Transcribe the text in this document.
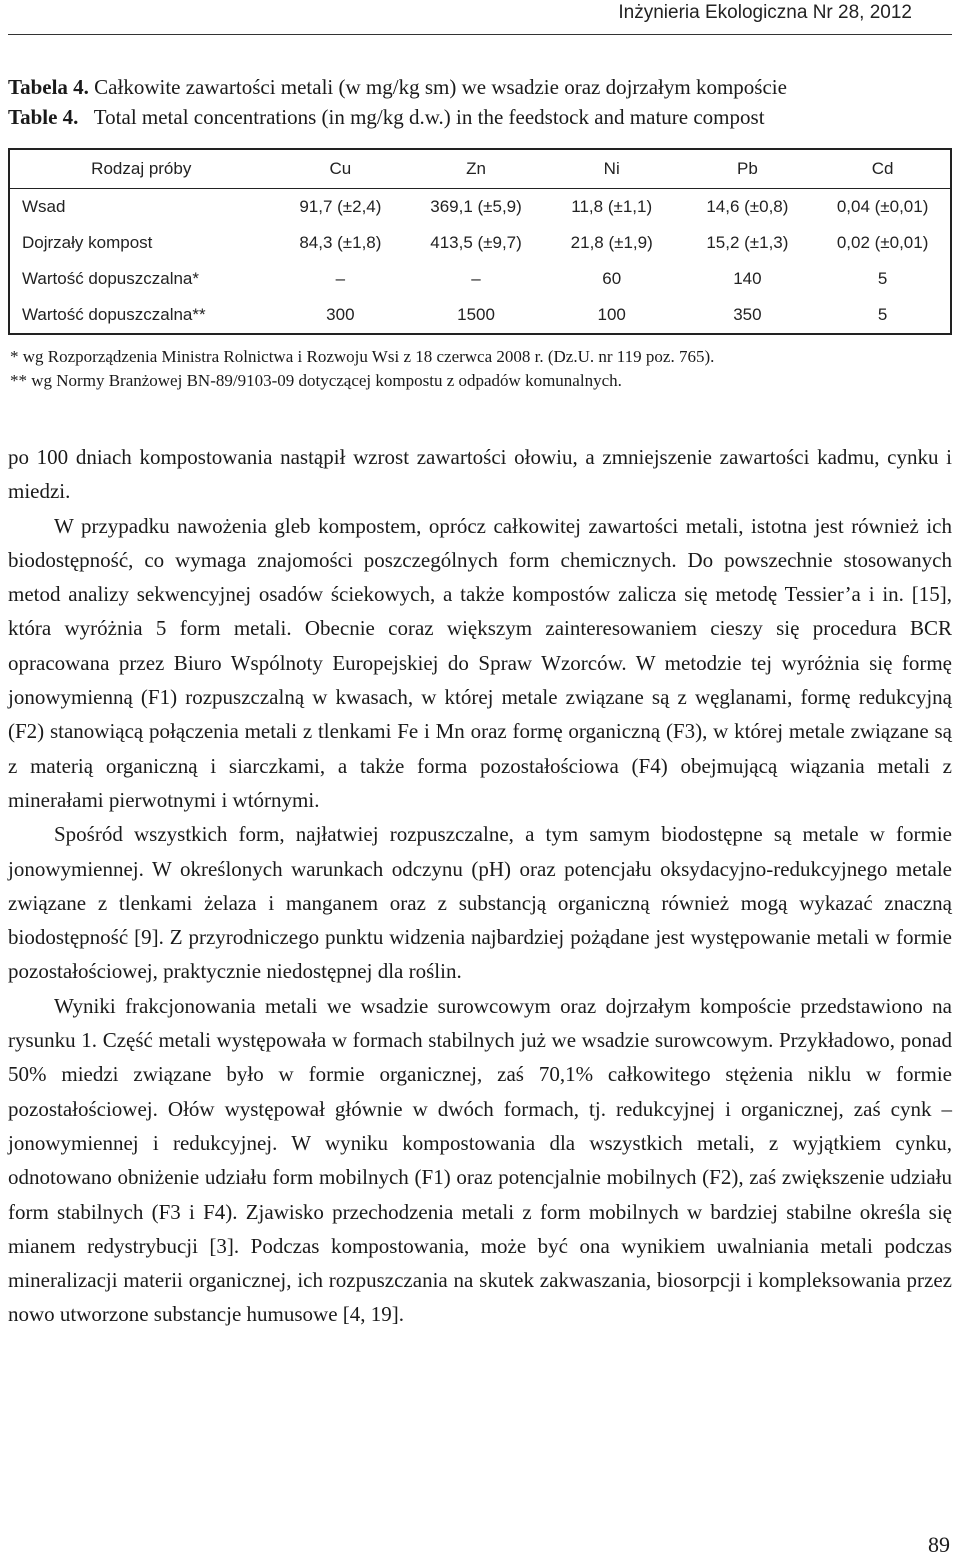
Inżynieria Ekologiczna Nr 28, 2012
Tabela 4. Całkowite zawartości metali (w mg/kg sm) we wsadzie oraz dojrzałym kompoście
Table 4. Total metal concentrations (in mg/kg d.w.) in the feedstock and mature compost
Rodzaj próby	Cu	Zn	Ni	Pb	Cd
Wsad	91,7 (±2,4)	369,1 (±5,9)	11,8 (±1,1)	14,6 (±0,8)	0,04 (±0,01)
Dojrzały kompost	84,3 (±1,8)	413,5 (±9,7)	21,8 (±1,9)	15,2 (±1,3)	0,02 (±0,01)
Wartość dopuszczalna*	–	–	60	140	5
Wartość dopuszczalna**	300	1500	100	350	5
* wg Rozporządzenia Ministra Rolnictwa i Rozwoju Wsi z 18 czerwca 2008 r. (Dz.U. nr 119 poz. 765).
** wg Normy Branżowej BN-89/9103-09 dotyczącej kompostu z odpadów komunalnych.

po 100 dniach kompostowania nastąpił wzrost zawartości ołowiu, a zmniejszenie zawartości kadmu, cynku i miedzi.

W przypadku nawożenia gleb kompostem, oprócz całkowitej zawartości metali, istotna jest również ich biodostępność, co wymaga znajomości poszczególnych form chemicznych. Do powszechnie stosowanych metod analizy sekwencyjnej osadów ściekowych, a także kompostów zalicza się metodę Tessier’a i in. [15], która wyróżnia 5 form metali. Obecnie coraz większym zainteresowaniem cieszy się procedura BCR opracowana przez Biuro Wspólnoty Europejskiej do Spraw Wzorców. W metodzie tej wyróżnia się formę jonowymienną (F1) rozpuszczalną w kwasach, w której metale związane są z węglanami, formę redukcyjną (F2) stanowiącą połączenia metali z tlenkami Fe i Mn oraz formę organiczną (F3), w której metale związane są z materią organiczną i siarczkami, a także forma pozostałościowa (F4) obejmującą wiązania metali z minerałami pierwotnymi i wtórnymi.

Spośród wszystkich form, najłatwiej rozpuszczalne, a tym samym biodostępne są metale w formie jonowymiennej. W określonych warunkach odczynu (pH) oraz potencjału oksydacyjno-redukcyjnego metale związane z tlenkami żelaza i manganem oraz z substancją organiczną również mogą wykazać znaczną biodostępność [9]. Z przyrodniczego punktu widzenia najbardziej pożądane jest występowanie metali w formie pozostałościowej, praktycznie niedostępnej dla roślin.

Wyniki frakcjonowania metali we wsadzie surowcowym oraz dojrzałym kompoście przedstawiono na rysunku 1. Część metali występowała w formach stabilnych już we wsadzie surowcowym. Przykładowo, ponad 50% miedzi związane było w formie organicznej, zaś 70,1% całkowitego stężenia niklu w formie pozostałościowej. Ołów występował głównie w dwóch formach, tj. redukcyjnej i organicznej, zaś cynk – jonowymiennej i redukcyjnej. W wyniku kompostowania dla wszystkich metali, z wyjątkiem cynku, odnotowano obniżenie udziału form mobilnych (F1) oraz potencjalnie mobilnych (F2), zaś zwiększenie udziału form stabilnych (F3 i F4). Zjawisko przechodzenia metali z form mobilnych w bardziej stabilne określa się mianem redystrybucji [3]. Podczas kompostowania, może być ona wynikiem uwalniania metali podczas mineralizacji materii organicznej, ich rozpuszczania na skutek zakwaszania, biosorpcji i kompleksowania przez nowo utworzone substancje humusowe [4, 19].

89
